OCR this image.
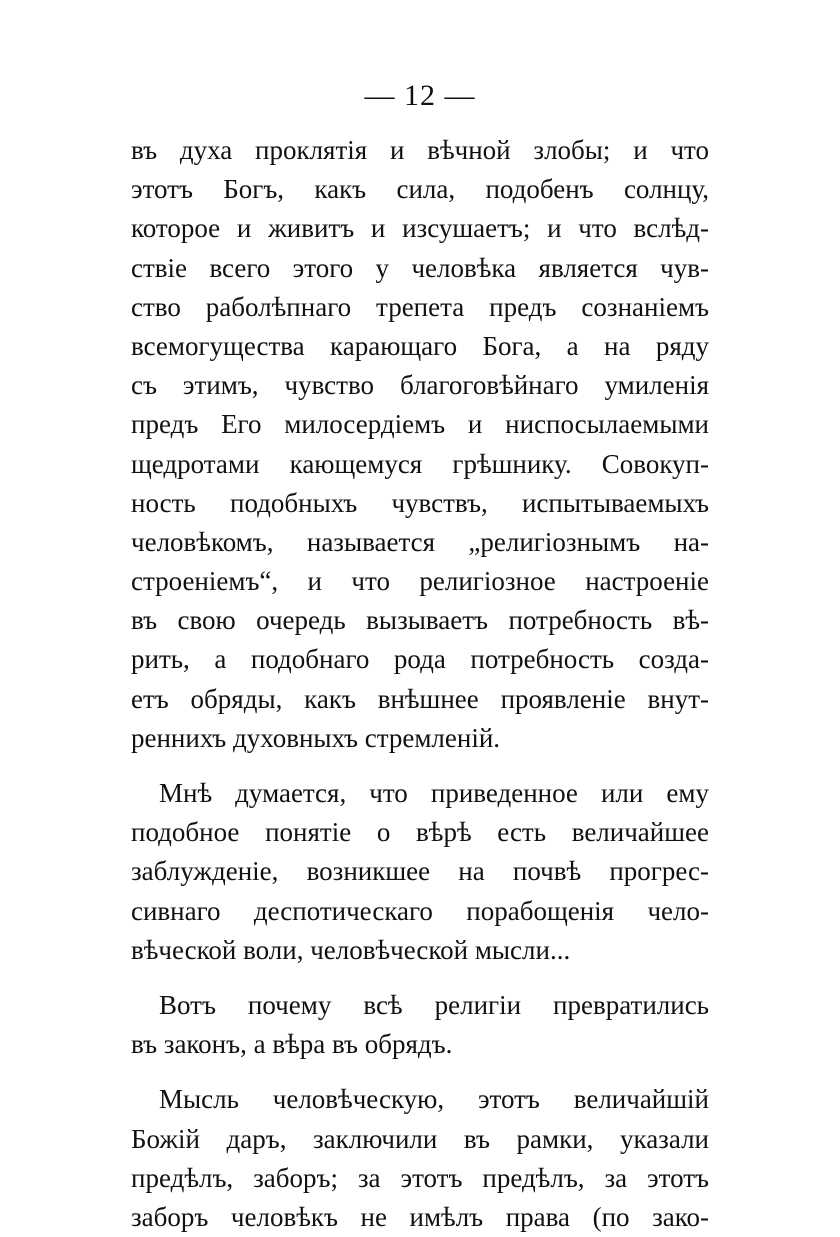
— 12 —
въ духа проклятія и вѣчной злобы; и что
этотъ Богъ, какъ сила, подобенъ солнцу,
которое и живитъ и изсушаетъ; и что вслѣд-
ствіе всего этого у человѣка является чув-
ство раболѣпнаго трепета предъ сознаніемъ
всемогущества карающаго Бога, а на ряду
съ этимъ, чувство благоговѣйнаго умиленія
предъ Его милосердіемъ и ниспосылаемыми
щедротами кающемуся грѣшнику. Совокуп-
ность подобныхъ чувствъ, испытываемыхъ
человѣкомъ, называется „религіознымъ на-
строеніемъ“, и что религіозное настроеніе
въ свою очередь вызываетъ потребность вѣ-
рить, а подобнаго рода потребность созда-
етъ обряды, какъ внѣшнее проявленіе внут-
реннихъ духовныхъ стремленій.
Мнѣ думается, что приведенное или ему
подобное понятіе о вѣрѣ есть величайшее
заблужденіе, возникшее на почвѣ прогрес-
сивнаго деспотическаго порабощенія чело-
вѣческой воли, человѣческой мысли...
Вотъ почему всѣ религіи превратились
въ законъ, а вѣра въ обрядъ.
Мысль человѣческую, этотъ величайшій
Божій даръ, заключили въ рамки, указали
предѣлъ, заборъ; за этотъ предѣлъ, за этотъ
заборъ человѣкъ не имѣлъ права (по зако-
